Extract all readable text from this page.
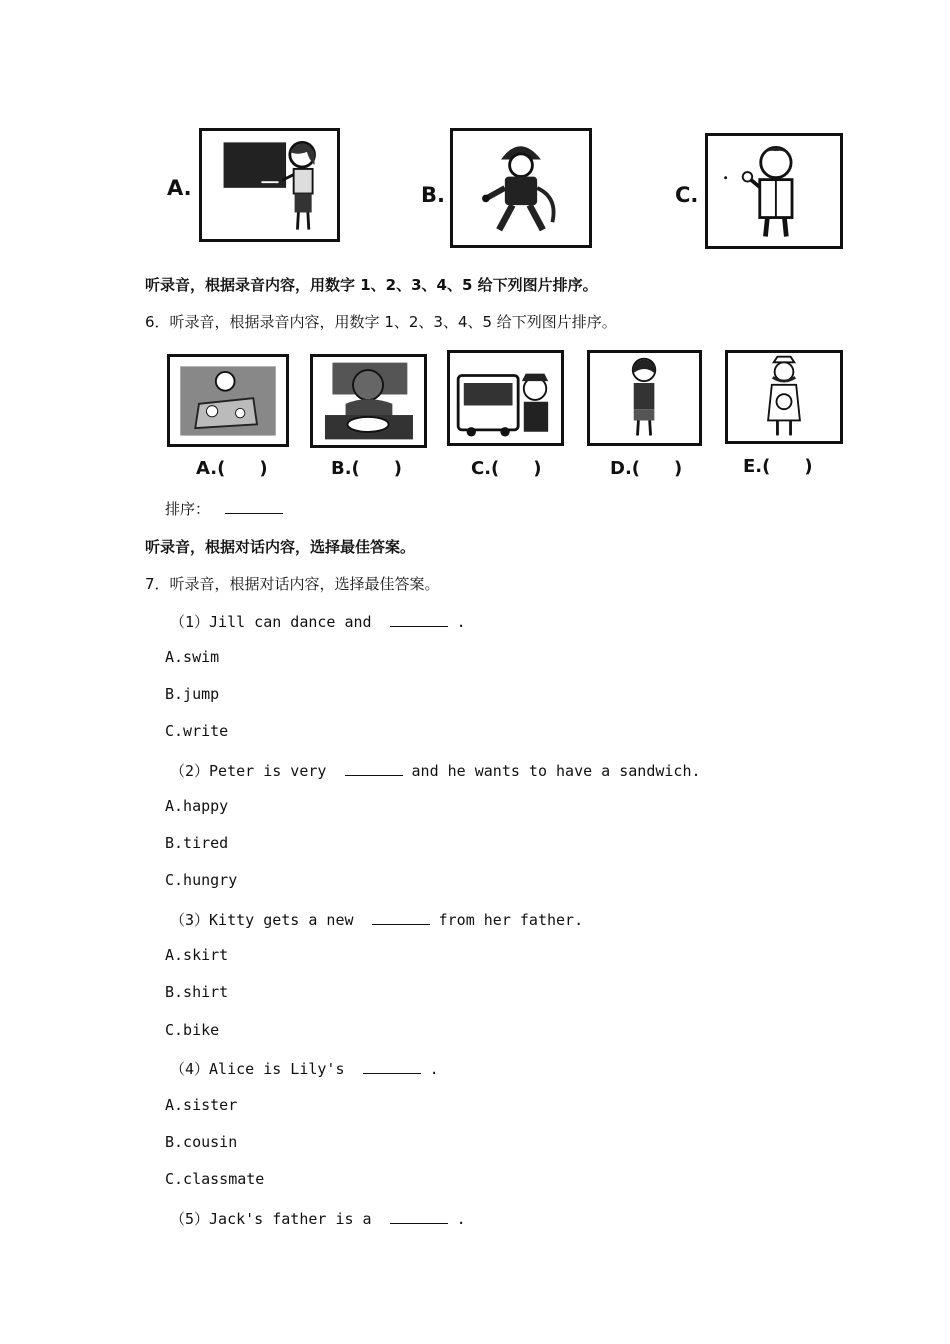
A.	B.	C.
听录音，根据录音内容，用数字 1、2、3、4、5 给下列图片排序。
6．听录音，根据录音内容，用数字 1、2、3、4、5 给下列图片排序。
A.( )	B.( )	C.( )	D.( )	E.( )
排序：
听录音，根据对话内容，选择最佳答案。
7．听录音，根据对话内容，选择最佳答案。
（1）Jill can dance and	.
A.swim
B.jump
C.write
（2）Peter is very	and he wants to have a sandwich.
A.happy
B.tired
C.hungry
（3）Kitty gets a new	from her father.
A.skirt
B.shirt
C.bike
（4）Alice is Lily's	.
A.sister
B.cousin
C.classmate
（5）Jack's father is a	.
